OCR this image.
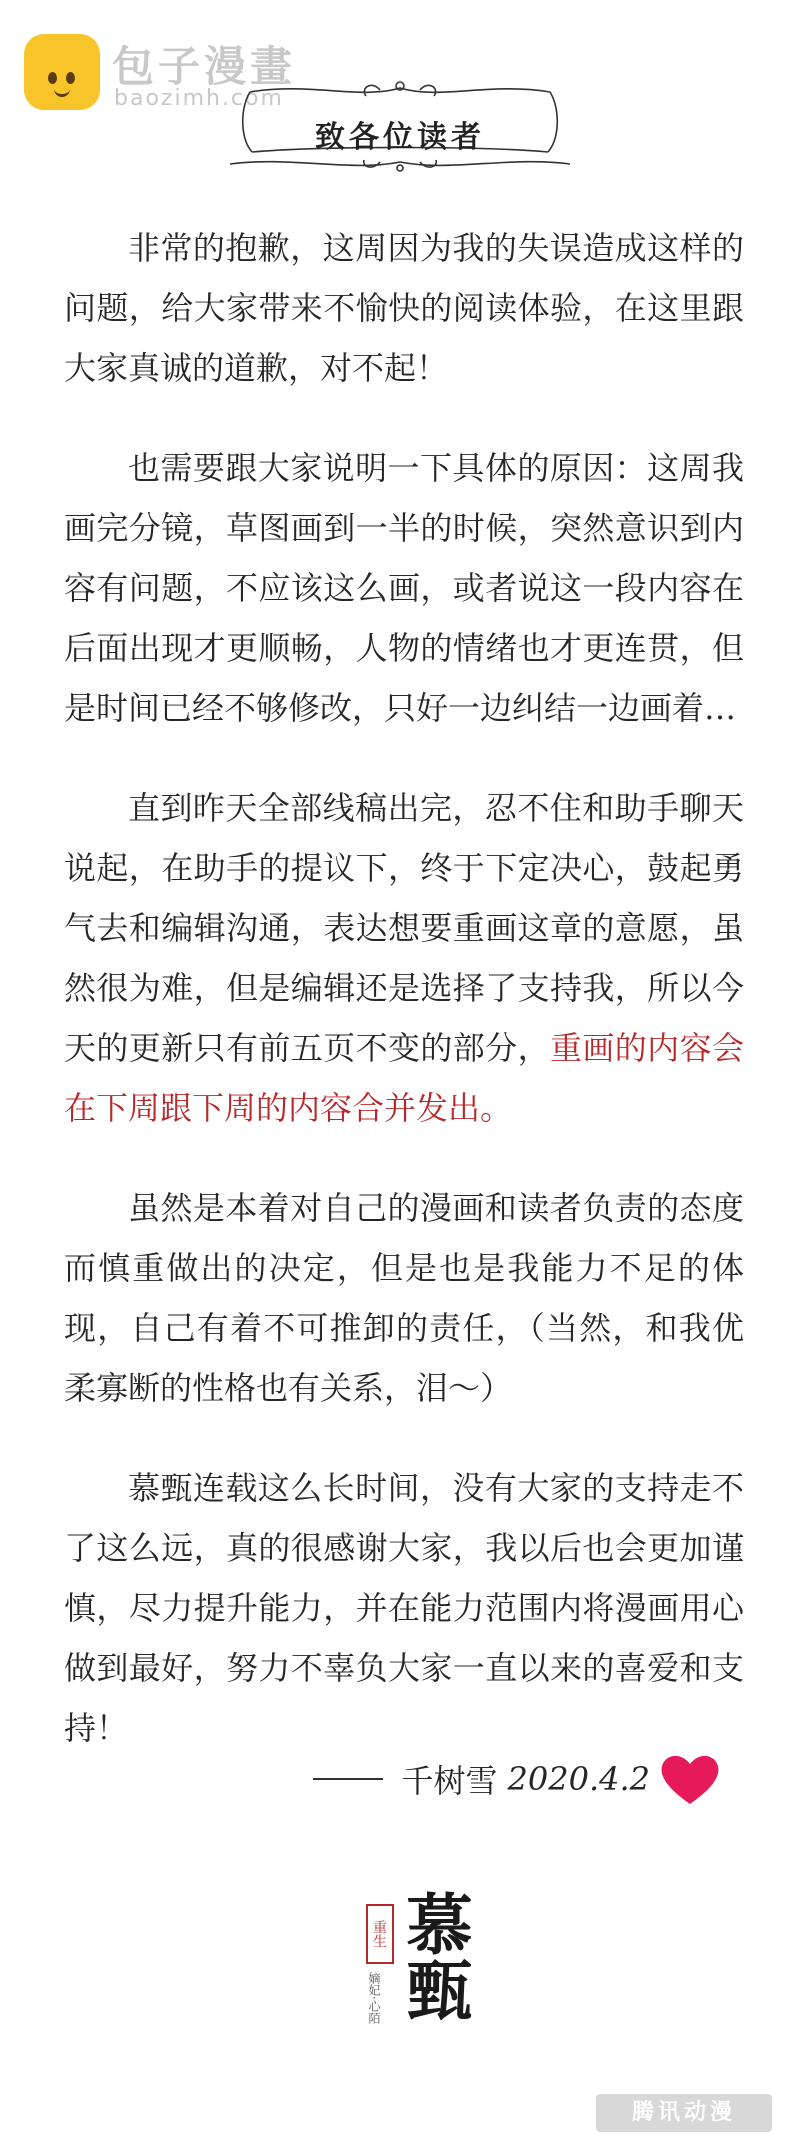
包子漫畫
baozimh.com
致各位读者

非常的抱歉，这周因为我的失误造成这样的问题，给大家带来不愉快的阅读体验，在这里跟大家真诚的道歉，对不起！

也需要跟大家说明一下具体的原因：这周我画完分镜，草图画到一半的时候，突然意识到内容有问题，不应该这么画，或者说这一段内容在后面出现才更顺畅，人物的情绪也才更连贯，但是时间已经不够修改，只好一边纠结一边画着…

直到昨天全部线稿出完，忍不住和助手聊天说起，在助手的提议下，终于下定决心，鼓起勇气去和编辑沟通，表达想要重画这章的意愿，虽然很为难，但是编辑还是选择了支持我，所以今天的更新只有前五页不变的部分，重画的内容会在下周跟下周的内容合并发出。

虽然是本着对自己的漫画和读者负责的态度而慎重做出的决定，但是也是我能力不足的体现，自己有着不可推卸的责任，（当然，和我优柔寡断的性格也有关系，泪～）

慕甄连载这么长时间，没有大家的支持走不了这么远，真的很感谢大家，我以后也会更加谨慎，尽力提升能力，并在能力范围内将漫画用心做到最好，努力不辜负大家一直以来的喜爱和支持！

千树雪 2020.4.2
重生 慕甄
嫡妃·心陌
腾讯动漫
